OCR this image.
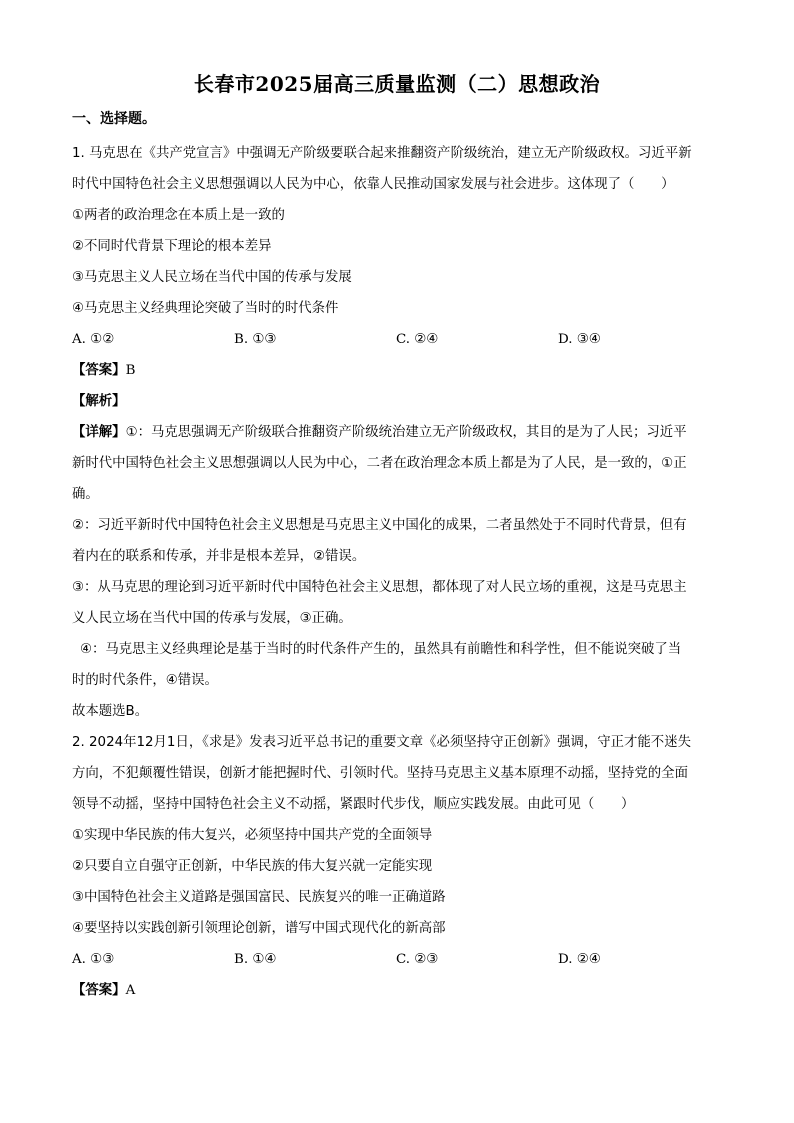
长春市2025届高三质量监测（二）思想政治
一、选择题。
1. 马克思在《共产党宣言》中强调无产阶级要联合起来推翻资产阶级统治，建立无产阶级政权。习近平新
时代中国特色社会主义思想强调以人民为中心，依靠人民推动国家发展与社会进步。这体现了（　　）
①两者的政治理念在本质上是一致的
②不同时代背景下理论的根本差异
③马克思主义人民立场在当代中国的传承与发展
④马克思主义经典理论突破了当时的时代条件
A. ①②	B. ①③	C. ②④	D. ③④
【答案】B
【解析】
【详解】①：马克思强调无产阶级联合推翻资产阶级统治建立无产阶级政权，其目的是为了人民；习近平
新时代中国特色社会主义思想强调以人民为中心，二者在政治理念本质上都是为了人民，是一致的，①正
确。
②：习近平新时代中国特色社会主义思想是马克思主义中国化的成果，二者虽然处于不同时代背景，但有
着内在的联系和传承，并非是根本差异，②错误。
③：从马克思的理论到习近平新时代中国特色社会主义思想，都体现了对人民立场的重视，这是马克思主
义人民立场在当代中国的传承与发展，③正确。
④：马克思主义经典理论是基于当时的时代条件产生的，虽然具有前瞻性和科学性，但不能说突破了当
时的时代条件，④错误。
故本题选B。
2. 2024年12月1日，《求是》发表习近平总书记的重要文章《必须坚持守正创新》强调，守正才能不迷失
方向，不犯颠覆性错误，创新才能把握时代、引领时代。坚持马克思主义基本原理不动摇，坚持党的全面
领导不动摇，坚持中国特色社会主义不动摇，紧跟时代步伐，顺应实践发展。由此可见（　　）
①实现中华民族的伟大复兴，必须坚持中国共产党的全面领导
②只要自立自强守正创新，中华民族的伟大复兴就一定能实现
③中国特色社会主义道路是强国富民、民族复兴的唯一正确道路
④要坚持以实践创新引领理论创新，谱写中国式现代化的新高部
A. ①③	B. ①④	C. ②③	D. ②④
【答案】A
